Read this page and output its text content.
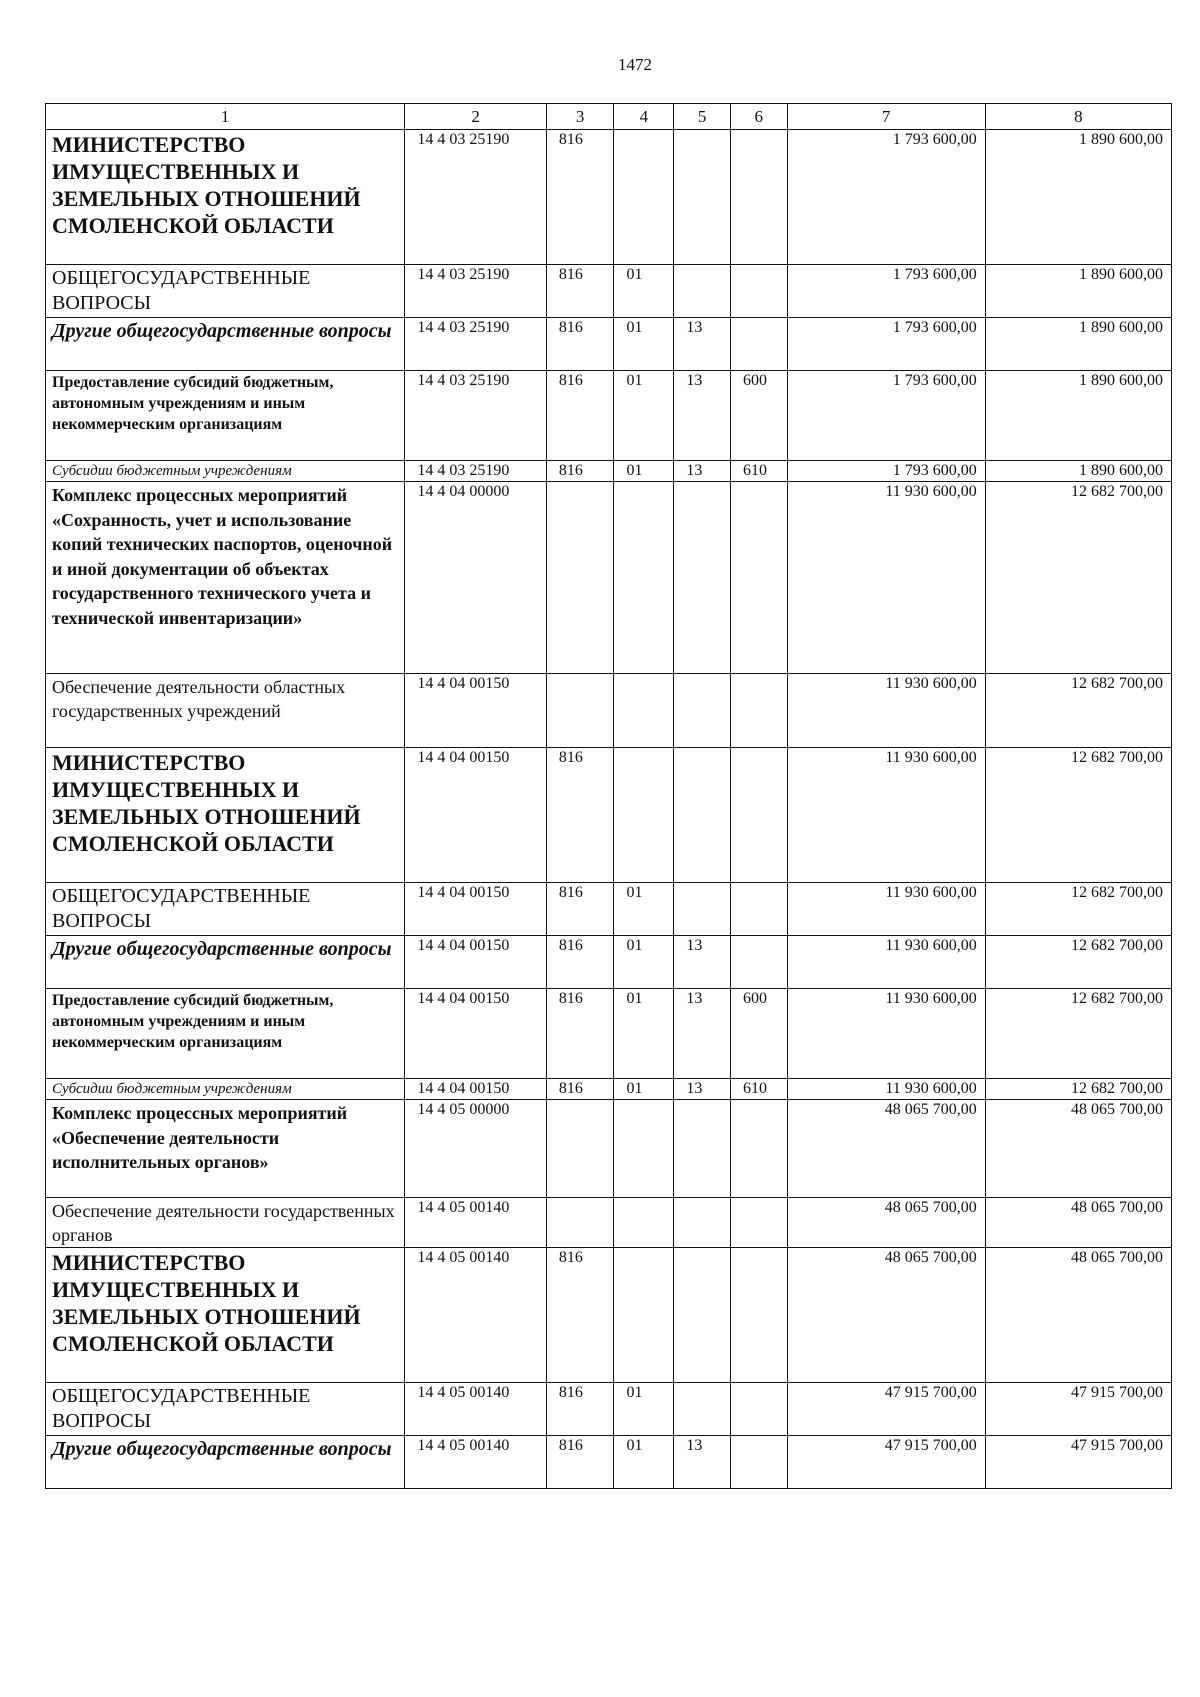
1472
1	2	3	4	5	6	7	8

МИНИСТЕРСТВО ИМУЩЕСТВЕННЫХ И ЗЕМЕЛЬНЫХ ОТНОШЕНИЙ СМОЛЕНСКОЙ ОБЛАСТИ	14 4 03 25190	816				1 793 600,00	1 890 600,00

ОБЩЕГОСУДАРСТВЕННЫЕ ВОПРОСЫ	14 4 03 25190	816	01			1 793 600,00	1 890 600,00

Другие общегосударственные вопросы	14 4 03 25190	816	01	13		1 793 600,00	1 890 600,00

Предоставление субсидий бюджетным, автономным учреждениям и иным некоммерческим организациям	14 4 03 25190	816	01	13	600	1 793 600,00	1 890 600,00

Субсидии бюджетным учреждениям	14 4 03 25190	816	01	13	610	1 793 600,00	1 890 600,00

Комплекс процессных мероприятий «Сохранность, учет и использование копий технических паспортов, оценочной и иной документации об объектах государственного технического учета и технической инвентаризации»	14 4 04 00000					11 930 600,00	12 682 700,00

Обеспечение деятельности областных государственных учреждений	14 4 04 00150					11 930 600,00	12 682 700,00

МИНИСТЕРСТВО ИМУЩЕСТВЕННЫХ И ЗЕМЕЛЬНЫХ ОТНОШЕНИЙ СМОЛЕНСКОЙ ОБЛАСТИ	14 4 04 00150	816				11 930 600,00	12 682 700,00

ОБЩЕГОСУДАРСТВЕННЫЕ ВОПРОСЫ	14 4 04 00150	816	01			11 930 600,00	12 682 700,00

Другие общегосударственные вопросы	14 4 04 00150	816	01	13		11 930 600,00	12 682 700,00

Предоставление субсидий бюджетным, автономным учреждениям и иным некоммерческим организациям	14 4 04 00150	816	01	13	600	11 930 600,00	12 682 700,00

Субсидии бюджетным учреждениям	14 4 04 00150	816	01	13	610	11 930 600,00	12 682 700,00

Комплекс процессных мероприятий «Обеспечение деятельности исполнительных органов»	14 4 05 00000					48 065 700,00	48 065 700,00

Обеспечение деятельности государственных органов	14 4 05 00140					48 065 700,00	48 065 700,00

МИНИСТЕРСТВО ИМУЩЕСТВЕННЫХ И ЗЕМЕЛЬНЫХ ОТНОШЕНИЙ СМОЛЕНСКОЙ ОБЛАСТИ	14 4 05 00140	816				48 065 700,00	48 065 700,00

ОБЩЕГОСУДАРСТВЕННЫЕ ВОПРОСЫ	14 4 05 00140	816	01			47 915 700,00	47 915 700,00

Другие общегосударственные вопросы	14 4 05 00140	816	01	13		47 915 700,00	47 915 700,00
